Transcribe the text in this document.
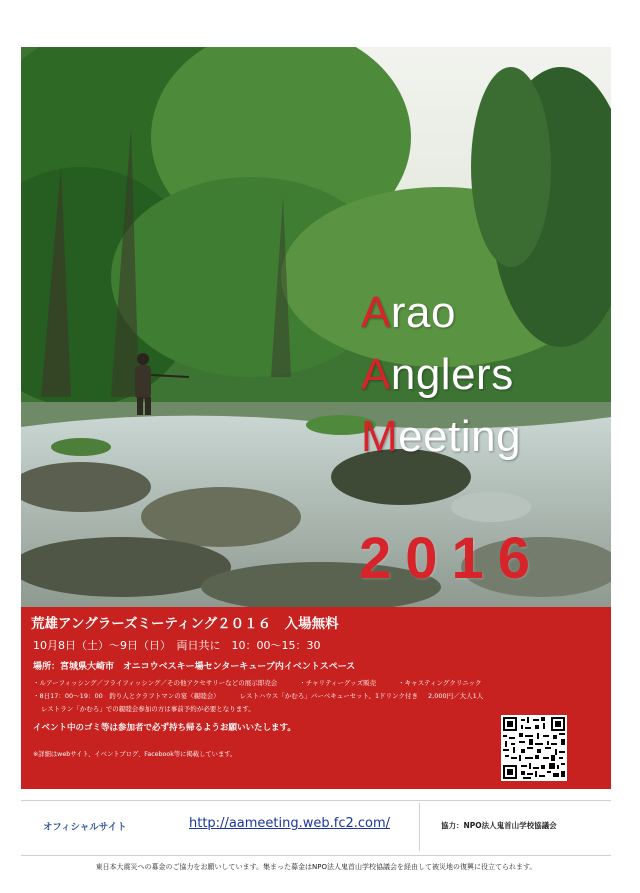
Arao
Anglers
Meeting
2016
荒雄アングラーズミーティング２０１６　入場無料
10月8日（土）～9日（日）　両日共に　10：00～15：30
場所：宮城県大崎市　オニコウベスキー場センターキューブ内イベントスペース
・ルアーフィッシング／フライフィッシング／その他アクセサリーなどの展示即売会	・チャリティーグッズ販売	・キャスティングクリニック
・8日17：00～19：00　釣り人とクラフトマンの宴（親睦会）	レストハウス「かむろ」バーベキューセット、1ドリンク付き 2,000円／大人1人
レストラン「かむろ」での親睦会参加の方は事前予約が必要となります。
イベント中のゴミ等は参加者で必ず持ち帰るようお願いいたします。
※詳細はwebサイト、イベントブログ、Facebook等に掲載しています。
オフィシャルサイト	http://aameeting.web.fc2.com/	協力：NPO法人鬼首山学校協議会
東日本大震災への募金のご協力をお願いしています。集まった募金はNPO法人鬼首山学校協議会を経由して被災地の復興に役立てられます。
